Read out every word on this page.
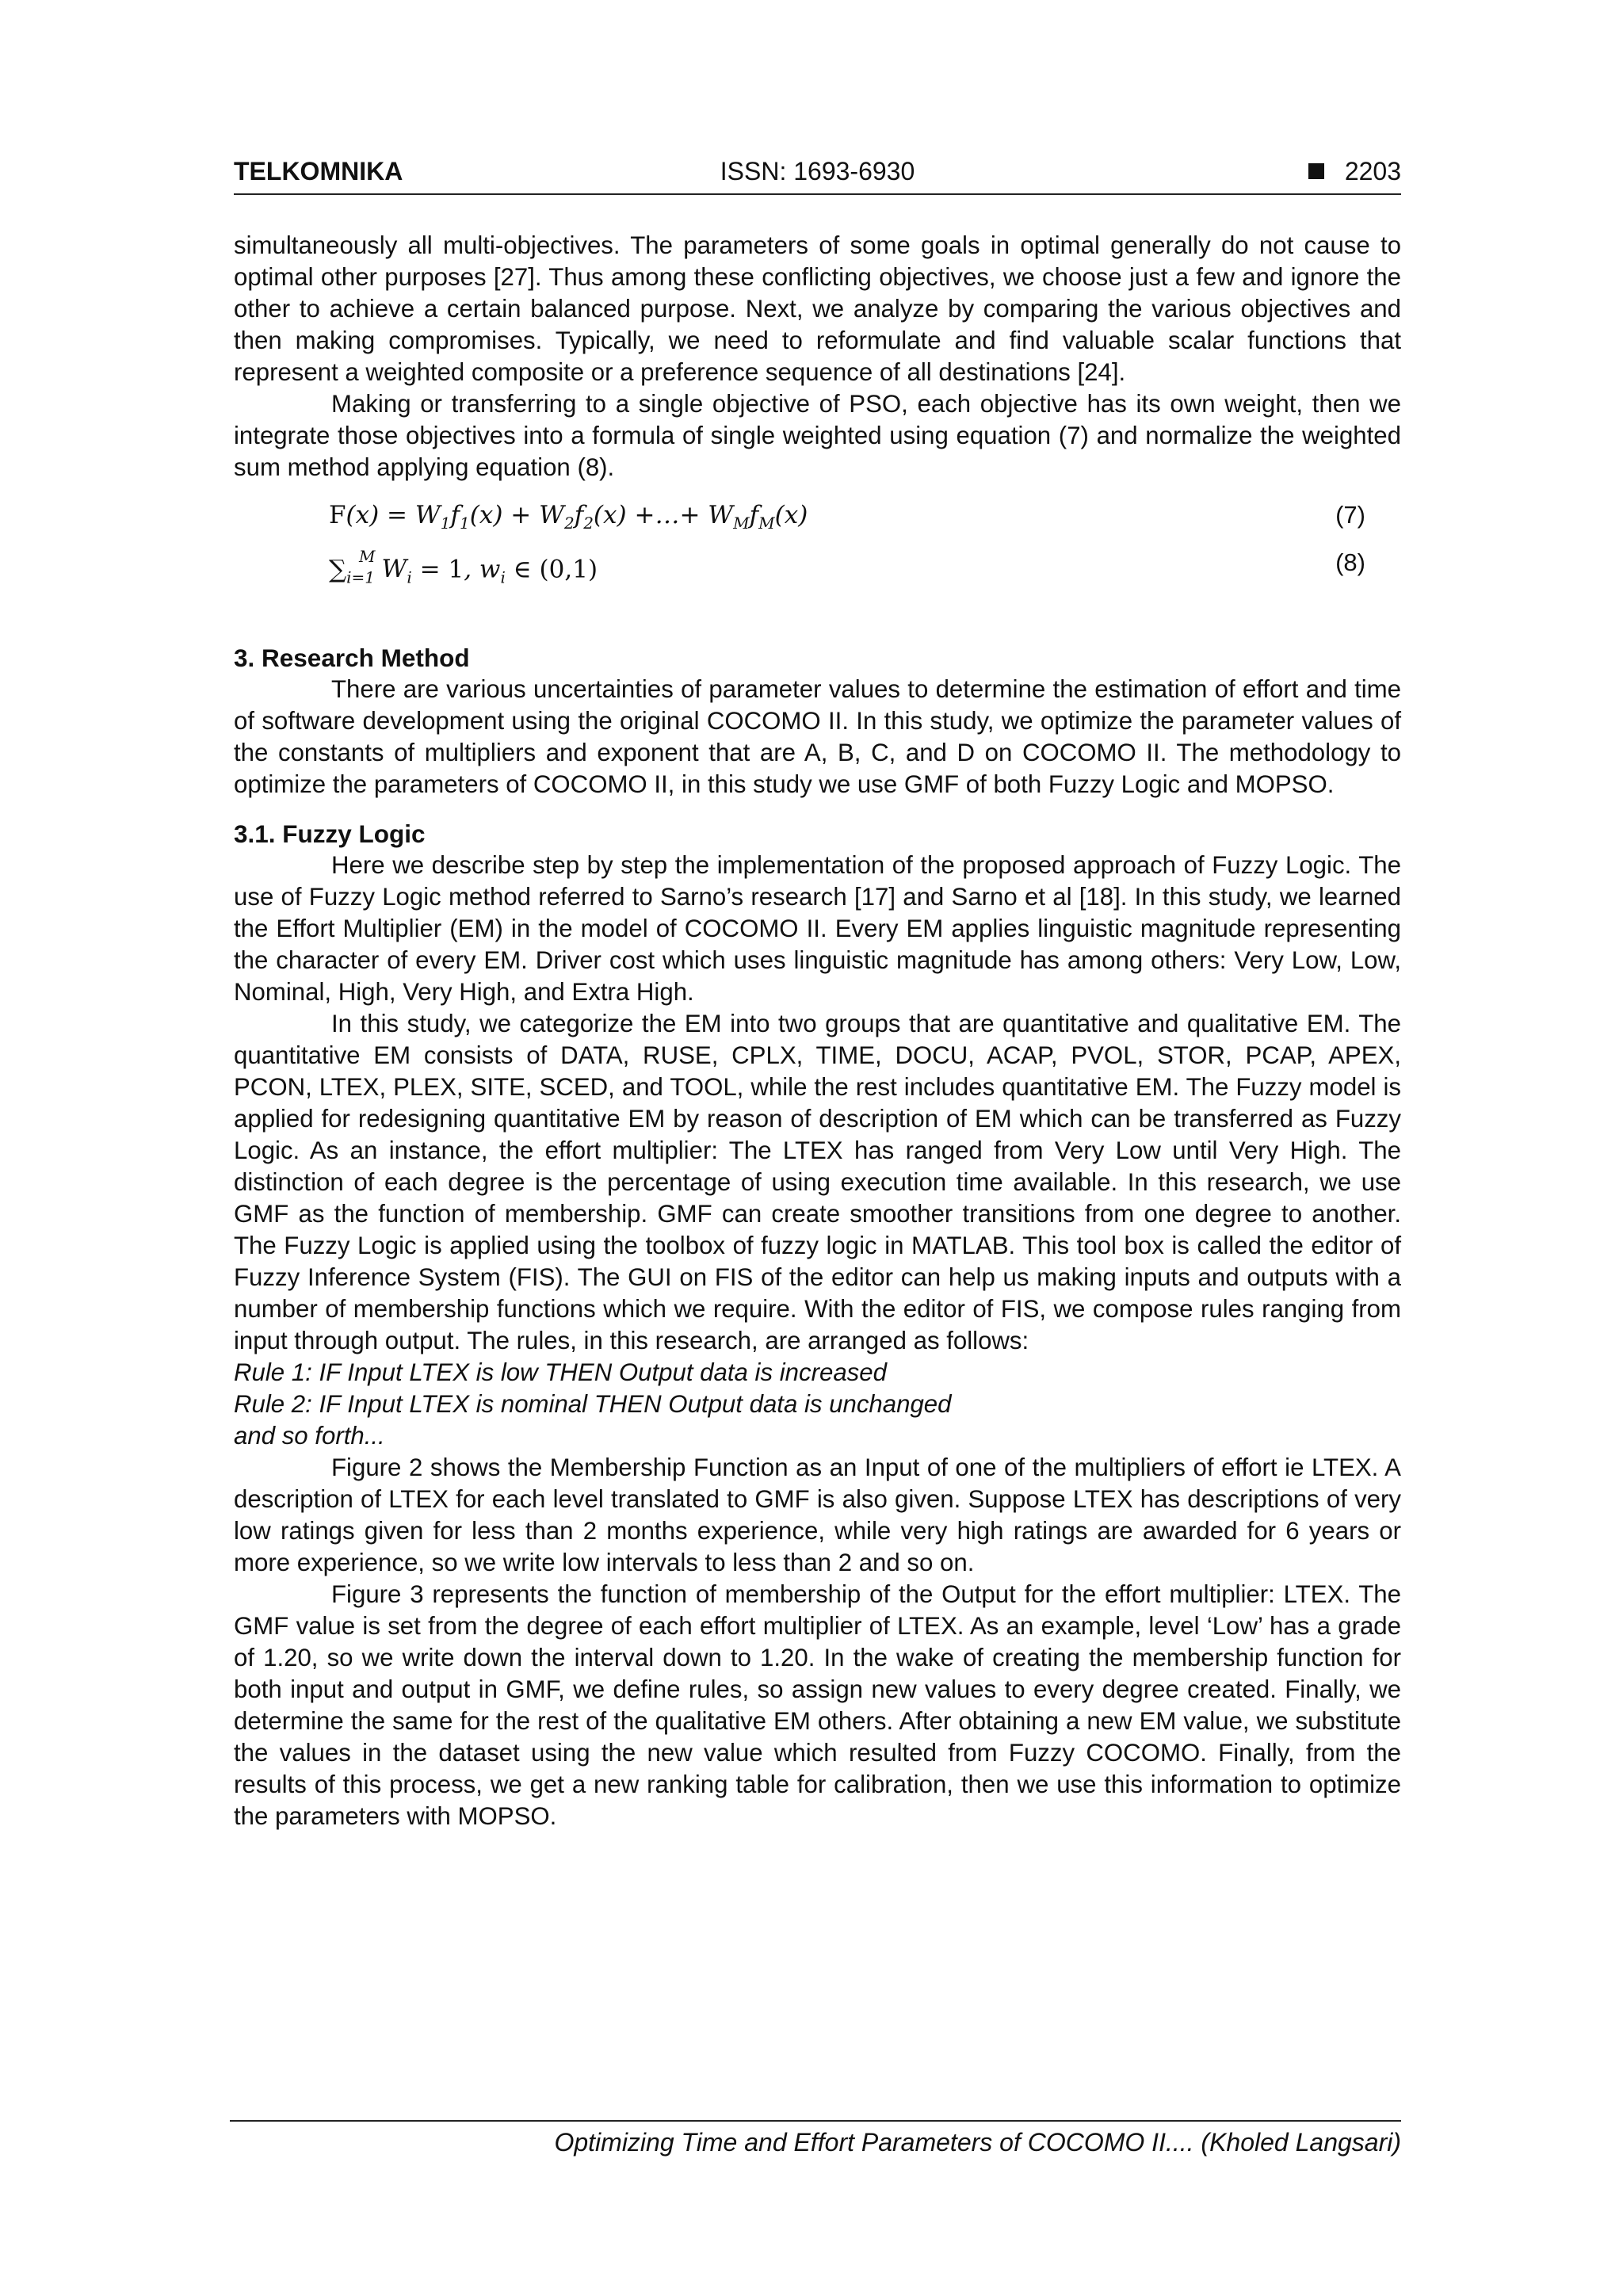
TELKOMNIKA	ISSN: 1693-6930	2203

simultaneously all multi-objectives. The parameters of some goals in optimal generally do not cause to optimal other purposes [27]. Thus among these conflicting objectives, we choose just a few and ignore the other to achieve a certain balanced purpose. Next, we analyze by comparing the various objectives and then making compromises. Typically, we need to reformulate and find valuable scalar functions that represent a weighted composite or a preference sequence of all destinations [24].

Making or transferring to a single objective of PSO, each objective has its own weight, then we integrate those objectives into a formula of single weighted using equation (7) and normalize the weighted sum method applying equation (8).

$F(x) = W_1f_1(x) + W_2f_2(x)$ +…+ $W_Mf_M(x)$	(7)
$\sum_{i=1}^M$ $W_i = 1$, $w_i$ ∈ (0,1)	(8)
3. Research Method

There are various uncertainties of parameter values to determine the estimation of effort and time of software development using the original COCOMO II. In this study, we optimize the parameter values of the constants of multipliers and exponent that are A, B, C, and D on COCOMO II. The methodology to optimize the parameters of COCOMO II, in this study we use GMF of both Fuzzy Logic and MOPSO.

3.1. Fuzzy Logic

Here we describe step by step the implementation of the proposed approach of Fuzzy Logic. The use of Fuzzy Logic method referred to Sarno’s research [17] and Sarno et al [18]. In this study, we learned the Effort Multiplier (EM) in the model of COCOMO II. Every EM applies linguistic magnitude representing the character of every EM. Driver cost which uses linguistic magnitude has among others: Very Low, Low, Nominal, High, Very High, and Extra High.

In this study, we categorize the EM into two groups that are quantitative and qualitative EM. The quantitative EM consists of DATA, RUSE, CPLX, TIME, DOCU, ACAP, PVOL, STOR, PCAP, APEX, PCON, LTEX, PLEX, SITE, SCED, and TOOL, while the rest includes quantitative EM. The Fuzzy model is applied for redesigning quantitative EM by reason of description of EM which can be transferred as Fuzzy Logic. As an instance, the effort multiplier: The LTEX has ranged from Very Low until Very High. The distinction of each degree is the percentage of using execution time available. In this research, we use GMF as the function of membership. GMF can create smoother transitions from one degree to another. The Fuzzy Logic is applied using the toolbox of fuzzy logic in MATLAB. This tool box is called the editor of Fuzzy Inference System (FIS). The GUI on FIS of the editor can help us making inputs and outputs with a number of membership functions which we require. With the editor of FIS, we compose rules ranging from input through output. The rules, in this research, are arranged as follows:

Rule 1: IF Input LTEX is low THEN Output data is increased

Rule 2: IF Input LTEX is nominal THEN Output data is unchanged

and so forth...

Figure 2 shows the Membership Function as an Input of one of the multipliers of effort ie LTEX. A description of LTEX for each level translated to GMF is also given. Suppose LTEX has descriptions of very low ratings given for less than 2 months experience, while very high ratings are awarded for 6 years or more experience, so we write low intervals to less than 2 and so on.

Figure 3 represents the function of membership of the Output for the effort multiplier: LTEX. The GMF value is set from the degree of each effort multiplier of LTEX. As an example, level ‘Low’ has a grade of 1.20, so we write down the interval down to 1.20. In the wake of creating the membership function for both input and output in GMF, we define rules, so assign new values to every degree created. Finally, we determine the same for the rest of the qualitative EM others. After obtaining a new EM value, we substitute the values in the dataset using the new value which resulted from Fuzzy COCOMO. Finally, from the results of this process, we get a new ranking table for calibration, then we use this information to optimize the parameters with MOPSO.

Optimizing Time and Effort Parameters of COCOMO II.... (Kholed Langsari)
